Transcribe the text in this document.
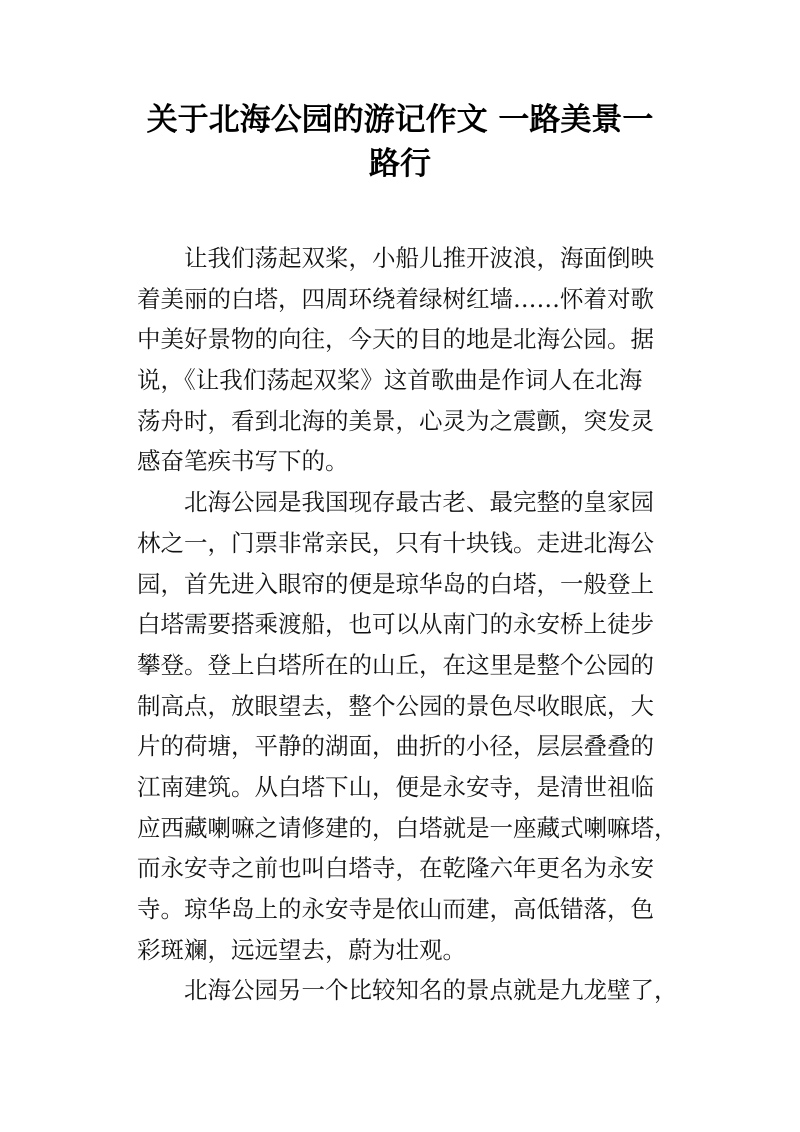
关于北海公园的游记作文 一路美景一
路行
让我们荡起双桨，小船儿推开波浪，海面倒映
着美丽的白塔，四周环绕着绿树红墙……怀着对歌
中美好景物的向往，今天的目的地是北海公园。据
说，《让我们荡起双桨》这首歌曲是作词人在北海
荡舟时，看到北海的美景，心灵为之震颤，突发灵
感奋笔疾书写下的。
北海公园是我国现存最古老、最完整的皇家园
林之一，门票非常亲民，只有十块钱。走进北海公
园，首先进入眼帘的便是琼华岛的白塔，一般登上
白塔需要搭乘渡船，也可以从南门的永安桥上徒步
攀登。登上白塔所在的山丘，在这里是整个公园的
制高点，放眼望去，整个公园的景色尽收眼底，大
片的荷塘，平静的湖面，曲折的小径，层层叠叠的
江南建筑。从白塔下山，便是永安寺，是清世祖临
应西藏喇嘛之请修建的，白塔就是一座藏式喇嘛塔，
而永安寺之前也叫白塔寺，在乾隆六年更名为永安
寺。琼华岛上的永安寺是依山而建，高低错落，色
彩斑斓，远远望去，蔚为壮观。
北海公园另一个比较知名的景点就是九龙壁了，
